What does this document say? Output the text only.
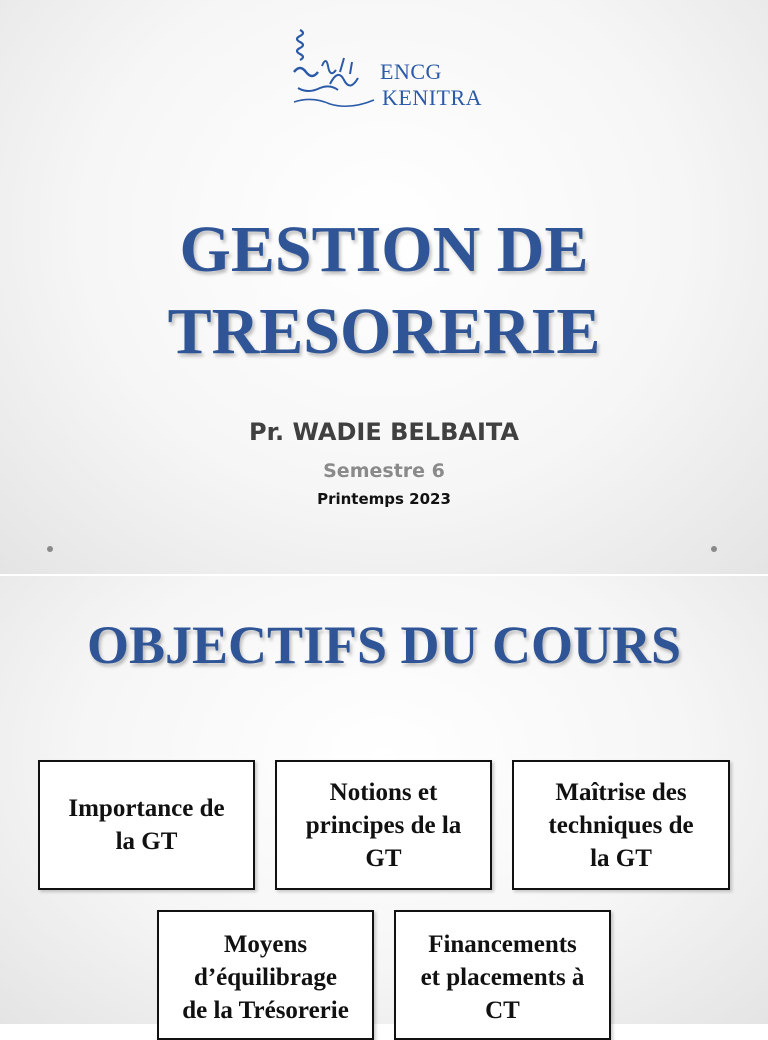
ENCG
KENITRA
GESTION DE
TRESORERIE
Pr. WADIE BELBAITA
Semestre 6
Printemps 2023
OBJECTIFS DU COURS
Importance de
la GT
Notions et
principes de la
GT
Maîtrise des
techniques de
la GT
Moyens
d’équilibrage
de la Trésorerie
Financements
et placements à
CT
